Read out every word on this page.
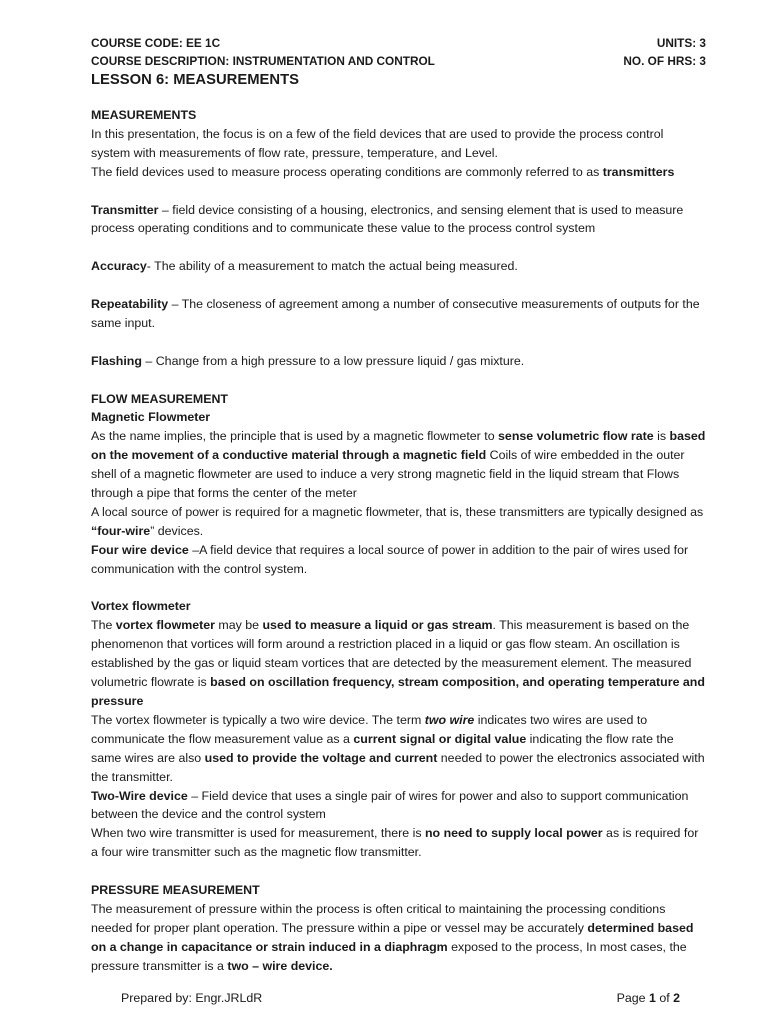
COURSE CODE: EE 1C	UNITS: 3
COURSE DESCRIPTION: INSTRUMENTATION AND CONTROL	NO. OF HRS: 3
LESSON 6: MEASUREMENTS

MEASUREMENTS

In this presentation, the focus is on a few of the field devices that are used to provide the process control system with measurements of flow rate, pressure, temperature, and Level.

The field devices used to measure process operating conditions are commonly referred to as transmitters

Transmitter – field device consisting of a housing, electronics, and sensing element that is used to measure process operating conditions and to communicate these value to the process control system

Accuracy- The ability of a measurement to match the actual being measured.

Repeatability – The closeness of agreement among a number of consecutive measurements of outputs for the same input.

Flashing – Change from a high pressure to a low pressure liquid / gas mixture.

FLOW MEASUREMENT

Magnetic Flowmeter

As the name implies, the principle that is used by a magnetic flowmeter to sense volumetric flow rate is based on the movement of a conductive material through a magnetic field Coils of wire embedded in the outer shell of a magnetic flowmeter are used to induce a very strong magnetic field in the liquid stream that Flows through a pipe that forms the center of the meter

A local source of power is required for a magnetic flowmeter, that is, these transmitters are typically designed as “four-wire” devices.

Four wire device –A field device that requires a local source of power in addition to the pair of wires used for communication with the control system.

Vortex flowmeter

The vortex flowmeter may be used to measure a liquid or gas stream. This measurement is based on the phenomenon that vortices will form around a restriction placed in a liquid or gas flow steam. An oscillation is established by the gas or liquid steam vortices that are detected by the measurement element. The measured volumetric flowrate is based on oscillation frequency, stream composition, and operating temperature and pressure

The vortex flowmeter is typically a two wire device. The term two wire indicates two wires are used to communicate the flow measurement value as a current signal or digital value indicating the flow rate the same wires are also used to provide the voltage and current needed to power the electronics associated with the transmitter.

Two-Wire device – Field device that uses a single pair of wires for power and also to support communication between the device and the control system

When two wire transmitter is used for measurement, there is no need to supply local power as is required for a four wire transmitter such as the magnetic flow transmitter.

PRESSURE MEASUREMENT

The measurement of pressure within the process is often critical to maintaining the processing conditions needed for proper plant operation. The pressure within a pipe or vessel may be accurately determined based on a change in capacitance or strain induced in a diaphragm exposed to the process, In most cases, the pressure transmitter is a two – wire device.

Prepared by: Engr.JRLdR	Page 1 of 2
